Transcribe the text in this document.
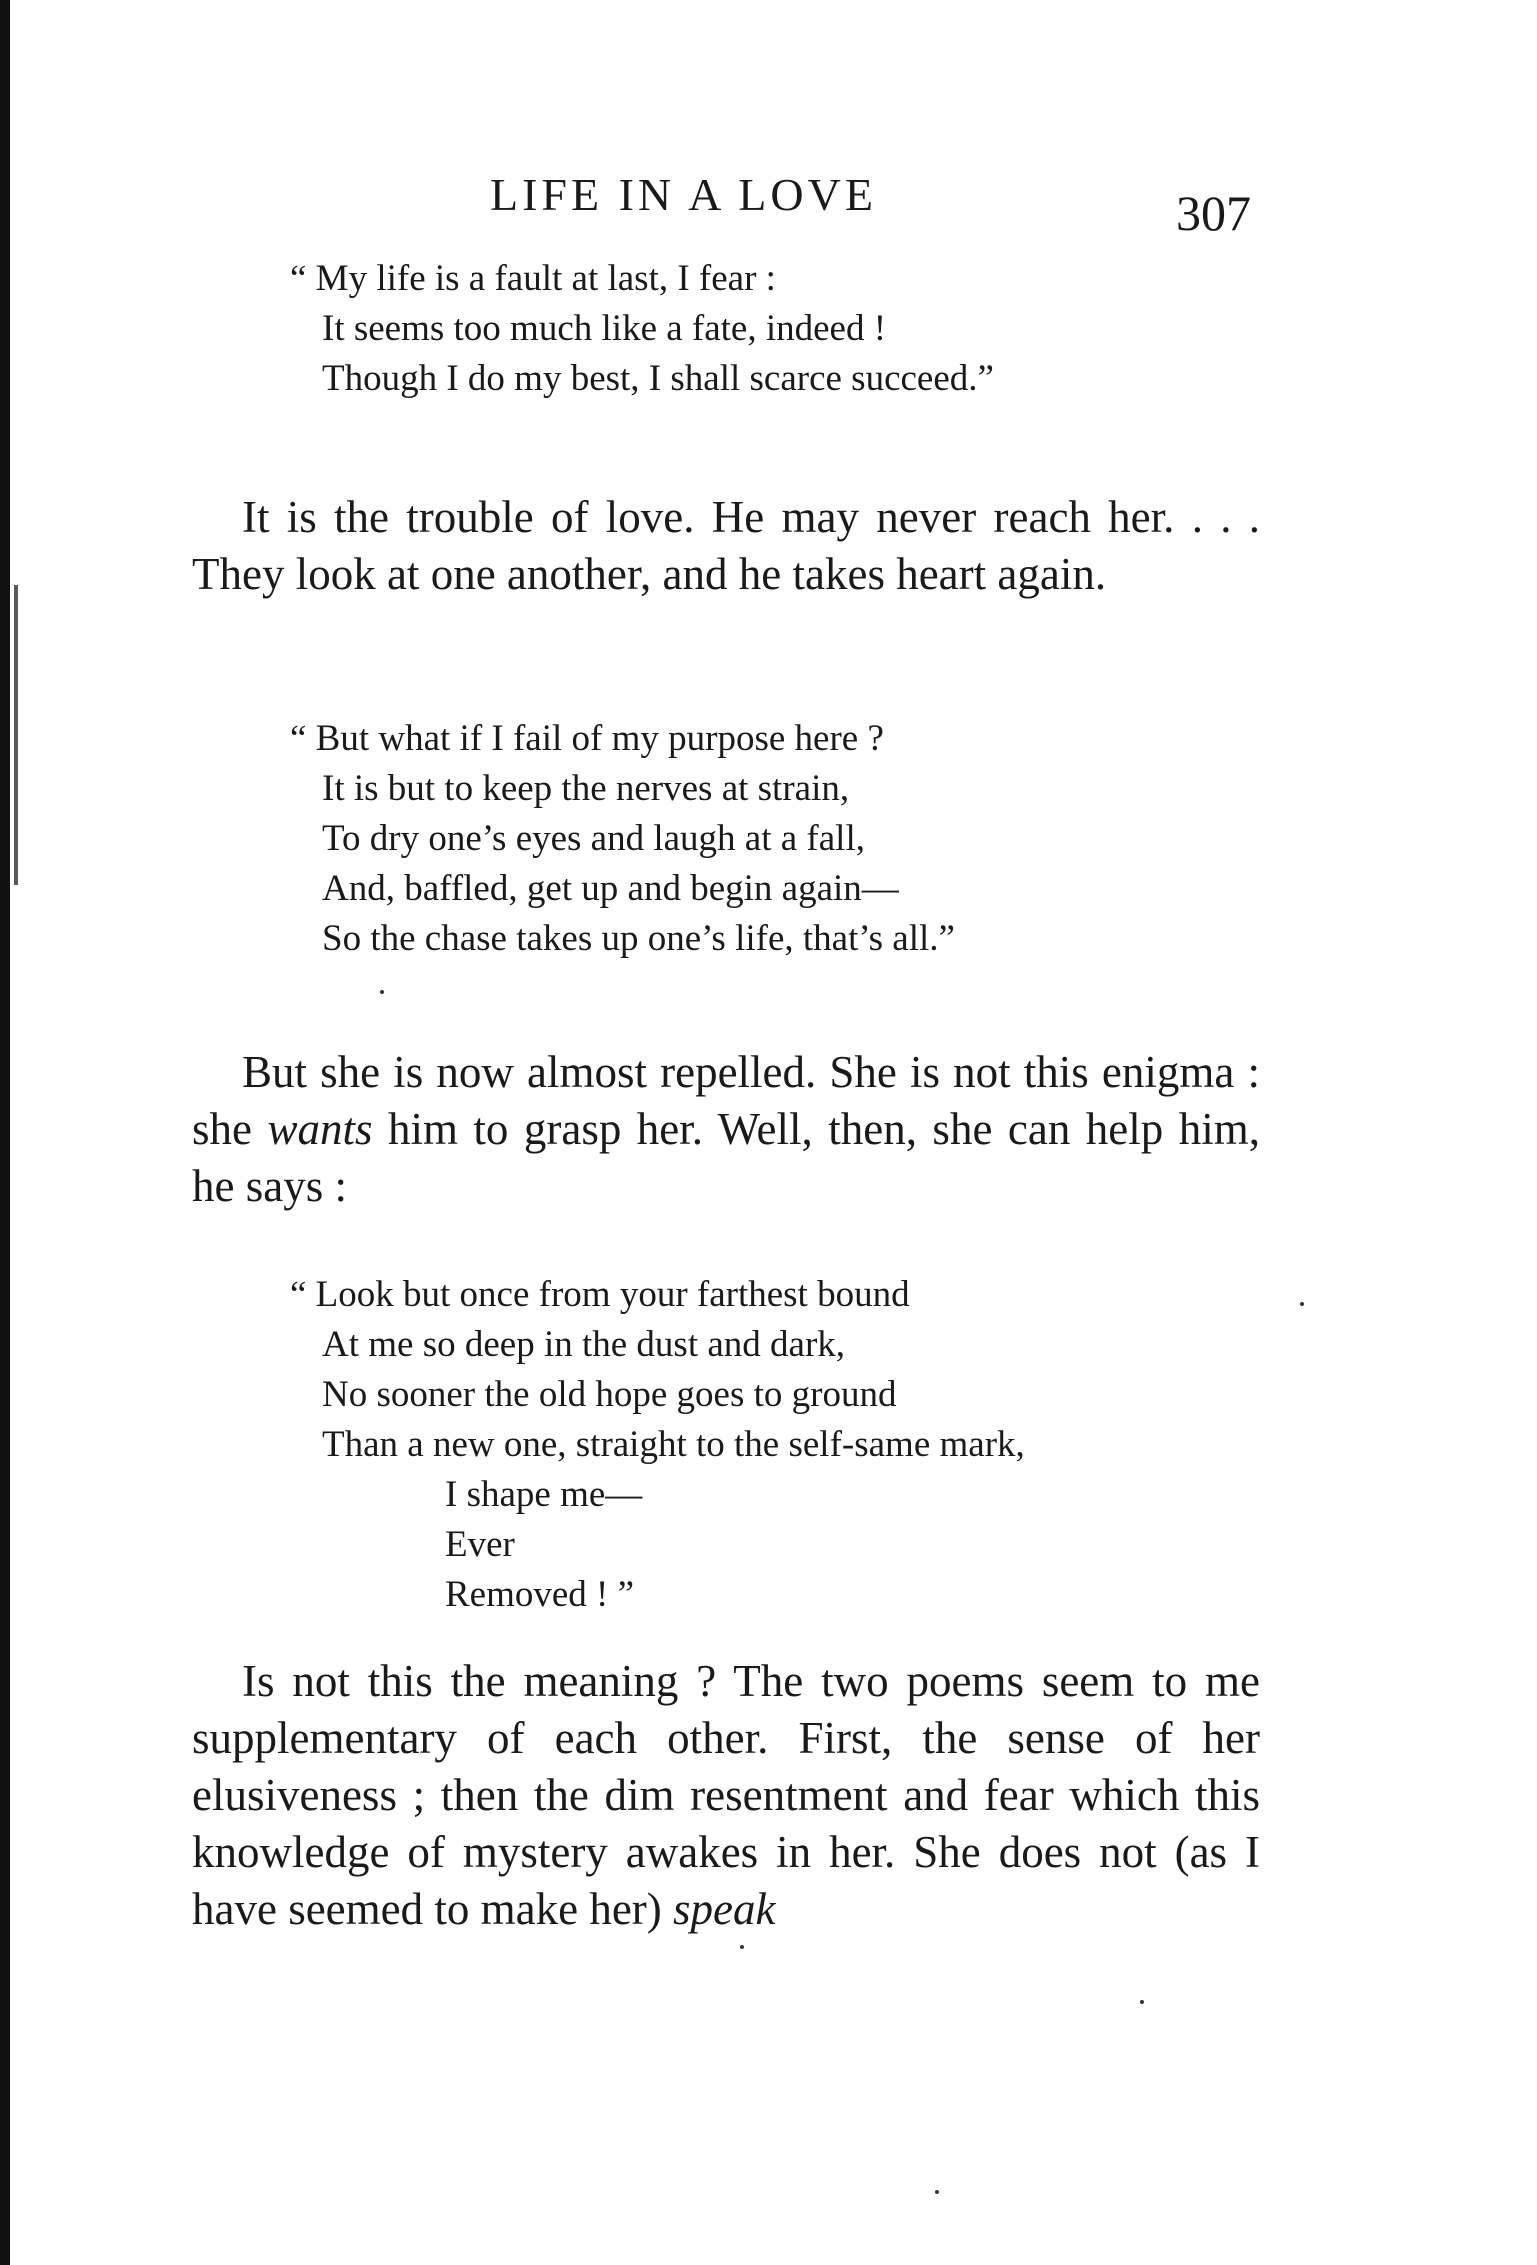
LIFE IN A LOVE	307
“ My life is a fault at last, I fear :
It seems too much like a fate, indeed !
Though I do my best, I shall scarce succeed.”

It is the trouble of love. He may never reach her. . . . They look at one another, and he takes heart again.

“ But what if I fail of my purpose here ?
It is but to keep the nerves at strain,
To dry one’s eyes and laugh at a fall,
And, baffled, get up and begin again—
So the chase takes up one’s life, that’s all.”

But she is now almost repelled. She is not this enigma : she wants him to grasp her. Well, then, she can help him, he says :

“ Look but once from your farthest bound
At me so deep in the dust and dark,
No sooner the old hope goes to ground
Than a new one, straight to the self-same mark,
I shape me—
Ever
Removed ! ”

Is not this the meaning ? The two poems seem to me supplementary of each other. First, the sense of her elusiveness ; then the dim resentment and fear which this knowledge of mystery awakes in her. She does not (as I have seemed to make her) speak
